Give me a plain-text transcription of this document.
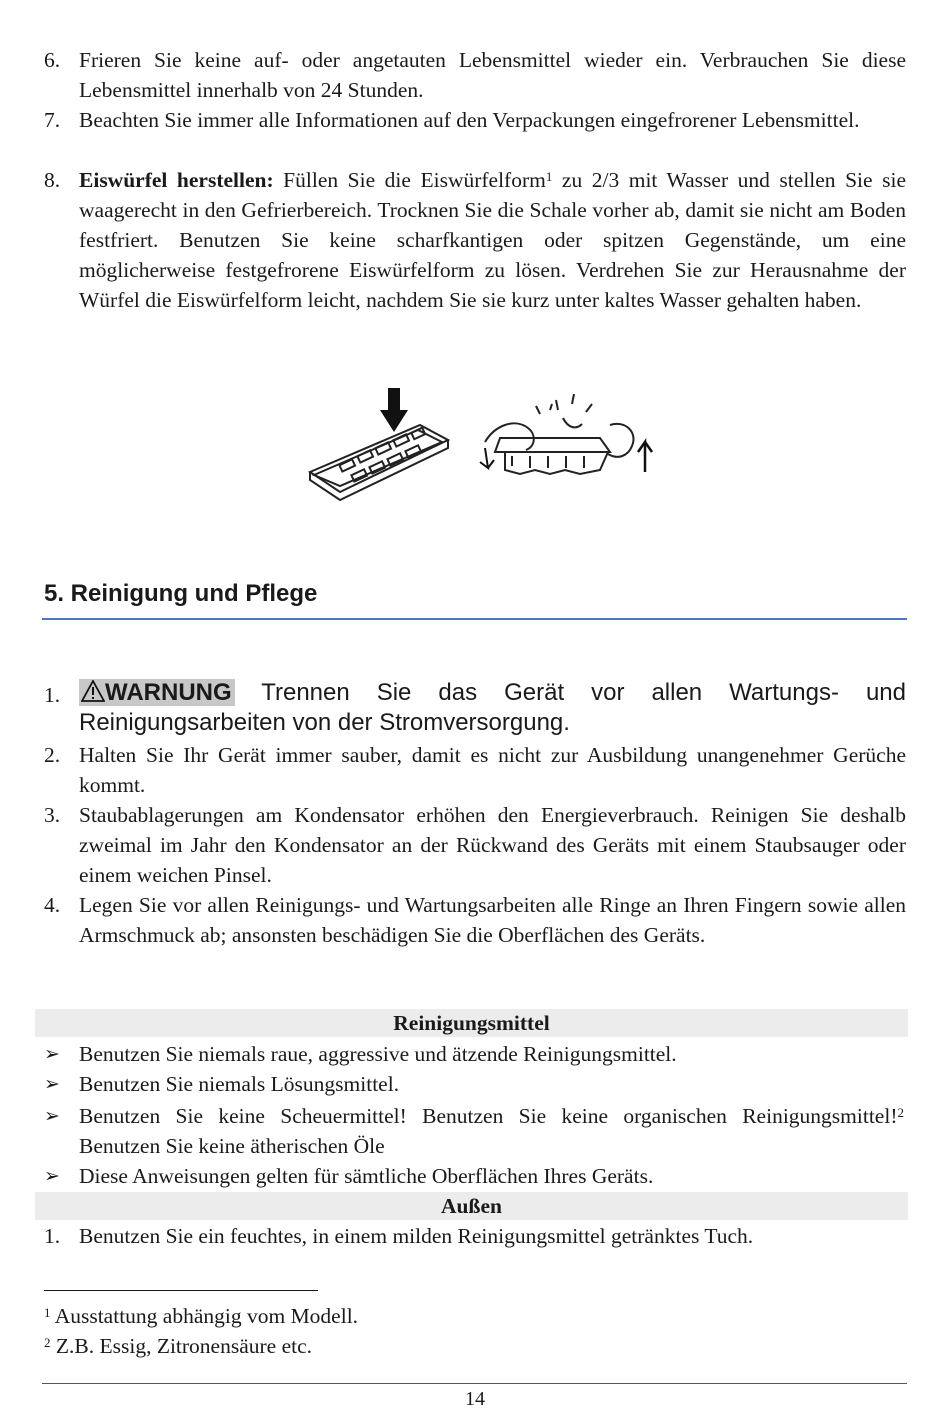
6. Frieren Sie keine auf- oder angetauten Lebensmittel wieder ein. Verbrauchen Sie diese Lebensmittel innerhalb von 24 Stunden.
7. Beachten Sie immer alle Informationen auf den Verpackungen eingefrorener Lebensmittel.
8. Eiswürfel herstellen: Füllen Sie die Eiswürfelform$^1$ zu 2/3 mit Wasser und stellen Sie sie waagerecht in den Gefrierbereich. Trocknen Sie die Schale vorher ab, damit sie nicht am Boden festfriert. Benutzen Sie keine scharfkantigen oder spitzen Gegenstände, um eine möglicherweise festgefrorene Eiswürfelform zu lösen. Verdrehen Sie zur Herausnahme der Würfel die Eiswürfelform leicht, nachdem Sie sie kurz unter kaltes Wasser gehalten haben.
5. Reinigung und Pflege
1.	WARNUNG Trennen Sie das Gerät vor allen Wartungs- und Reinigungsarbeiten von der Stromversorgung.
2. Halten Sie Ihr Gerät immer sauber, damit es nicht zur Ausbildung unangenehmer Gerüche kommt.
3. Staubablagerungen am Kondensator erhöhen den Energieverbrauch. Reinigen Sie deshalb zweimal im Jahr den Kondensator an der Rückwand des Geräts mit einem Staubsauger oder einem weichen Pinsel.
4. Legen Sie vor allen Reinigungs- und Wartungsarbeiten alle Ringe an Ihren Fingern sowie allen Armschmuck ab; ansonsten beschädigen Sie die Oberflächen des Geräts.
Reinigungsmittel
➢ Benutzen Sie niemals raue, aggressive und ätzende Reinigungsmittel.
➢ Benutzen Sie niemals Lösungsmittel.
➢ Benutzen Sie keine Scheuermittel! Benutzen Sie keine organischen Reinigungsmittel!$^2$ Benutzen Sie keine ätherischen Öle
➢ Diese Anweisungen gelten für sämtliche Oberflächen Ihres Geräts.
Außen
1. Benutzen Sie ein feuchtes, in einem milden Reinigungsmittel getränktes Tuch.
$^1$ Ausstattung abhängig vom Modell.
$^2$ Z.B. Essig, Zitronensäure etc.
14
